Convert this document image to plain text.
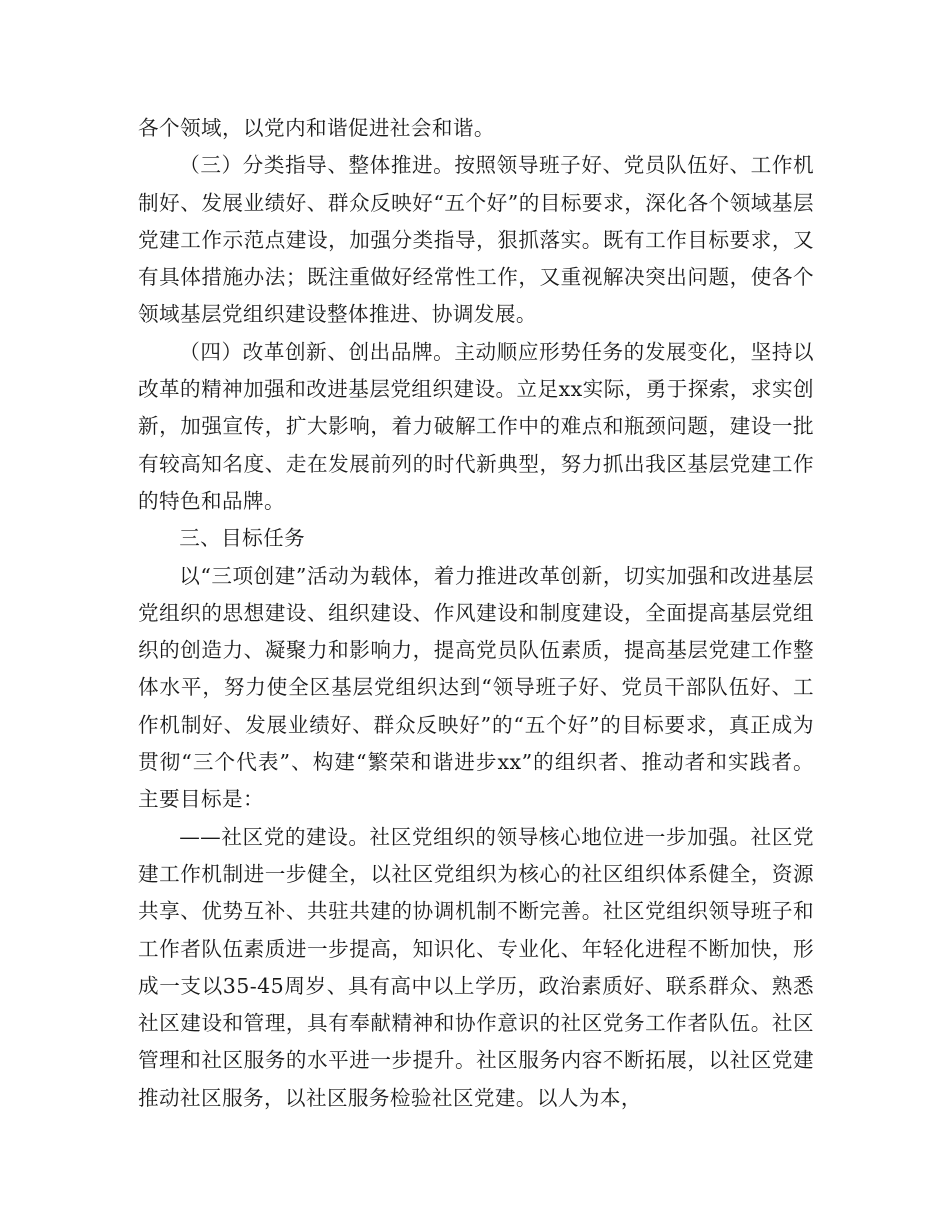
各个领域，以党内和谐促进社会和谐。

（三）分类指导、整体推进。按照领导班子好、党员队伍好、工作机制好、发展业绩好、群众反映好“五个好”的目标要求，深化各个领域基层党建工作示范点建设，加强分类指导，狠抓落实。既有工作目标要求，又有具体措施办法；既注重做好经常性工作，又重视解决突出问题，使各个领域基层党组织建设整体推进、协调发展。

（四）改革创新、创出品牌。主动顺应形势任务的发展变化，坚持以改革的精神加强和改进基层党组织建设。立足xx实际，勇于探索，求实创新，加强宣传，扩大影响，着力破解工作中的难点和瓶颈问题，建设一批有较高知名度、走在发展前列的时代新典型，努力抓出我区基层党建工作的特色和品牌。

三、目标任务

以“三项创建”活动为载体，着力推进改革创新，切实加强和改进基层党组织的思想建设、组织建设、作风建设和制度建设，全面提高基层党组织的创造力、凝聚力和影响力，提高党员队伍素质，提高基层党建工作整体水平，努力使全区基层党组织达到“领导班子好、党员干部队伍好、工作机制好、发展业绩好、群众反映好”的“五个好”的目标要求，真正成为贯彻“三个代表”、构建“繁荣和谐进步xx”的组织者、推动者和实践者。主要目标是：

——社区党的建设。社区党组织的领导核心地位进一步加强。社区党建工作机制进一步健全，以社区党组织为核心的社区组织体系健全，资源共享、优势互补、共驻共建的协调机制不断完善。社区党组织领导班子和工作者队伍素质进一步提高，知识化、专业化、年轻化进程不断加快，形成一支以35-45周岁、具有高中以上学历，政治素质好、联系群众、熟悉社区建设和管理，具有奉献精神和协作意识的社区党务工作者队伍。社区管理和社区服务的水平进一步提升。社区服务内容不断拓展，以社区党建推动社区服务，以社区服务检验社区党建。以人为本，
